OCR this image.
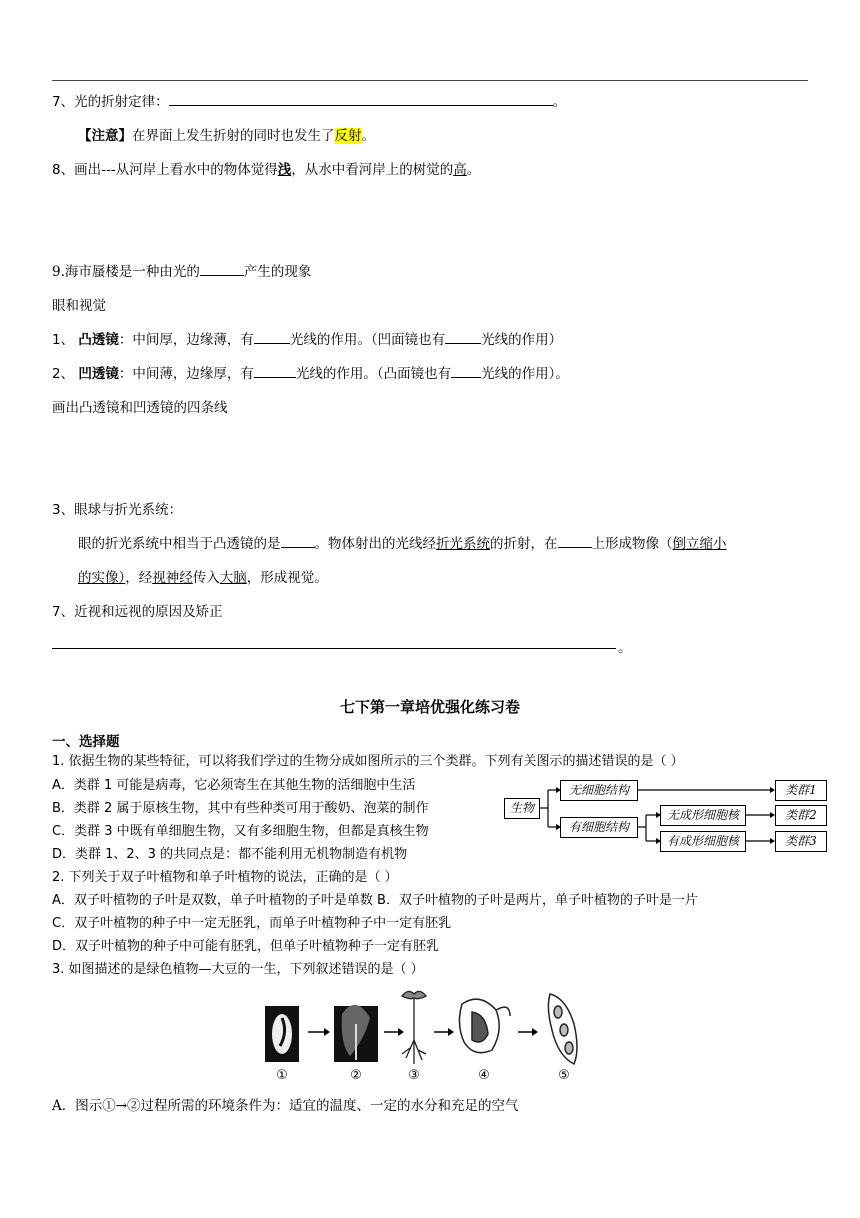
7、光的折射定律：	。
【注意】在界面上发生折射的同时也发生了反射。
8、画出---从河岸上看水中的物体觉得浅，从水中看河岸上的树觉的高。
9.海市蜃楼是一种由光的	产生的现象
眼和视觉
1、 凸透镜：中间厚，边缘薄，有	光线的作用。（凹面镜也有	光线的作用）
2、 凹透镜：中间薄，边缘厚，有	光线的作用。（凸面镜也有 光线的作用）。
画出凸透镜和凹透镜的四条线
3、眼球与折光系统：
眼的折光系统中相当于凸透镜的是	。物体射出的光线经折光系统的折射，在	上形成物像（倒立缩小
的实像），经视神经传入大脑，形成视觉。
7、近视和远视的原因及矫正
。
七下第一章培优强化练习卷
一、选择题
1. 依据生物的某些特征，可以将我们学过的生物分成如图所示的三个类群。下列有关图示的描述错误的是（ ）
A．类群 1 可能是病毒，它必须寄生在其他生物的活细胞中生活
B．类群 2 属于原核生物，其中有些种类可用于酸奶、泡菜的制作
C．类群 3 中既有单细胞生物，又有多细胞生物，但都是真核生物
D．类群 1、2、3 的共同点是：都不能利用无机物制造有机物
生物
无细胞结构
有细胞结构
无成形细胞核
有成形细胞核
类群1
类群2
类群3
2. 下列关于双子叶植物和单子叶植物的说法，正确的是（ ）
A．双子叶植物的子叶是双数，单子叶植物的子叶是单数 B．双子叶植物的子叶是两片，单子叶植物的子叶是一片
C．双子叶植物的种子中一定无胚乳，而单子叶植物种子中一定有胚乳
D．双子叶植物的种子中可能有胚乳，但单子叶植物种子一定有胚乳
3. 如图描述的是绿色植物—大豆的一生，下列叙述错误的是（ ）
①	②	③	④	⑤
A．图示①→②过程所需的环境条件为：适宜的温度、一定的水分和充足的空气
